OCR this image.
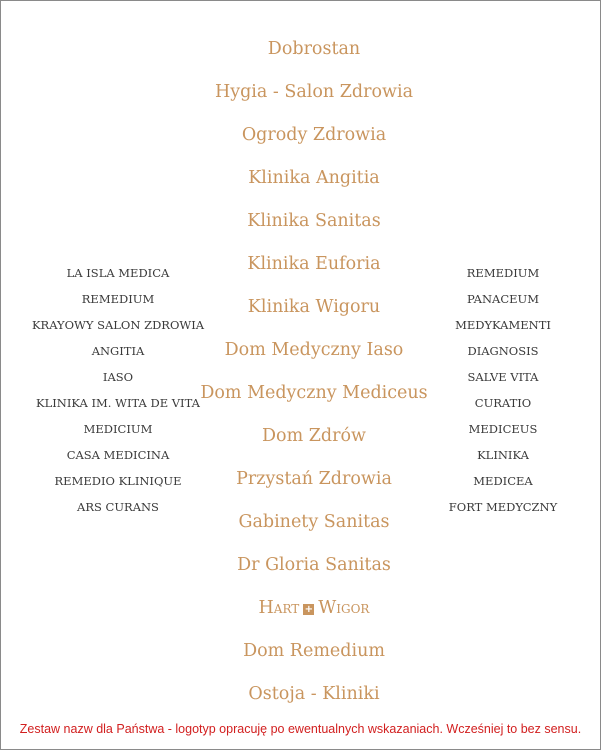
Dobrostan
Hygia - Salon Zdrowia
Ogrody Zdrowia
Klinika Angitia
Klinika Sanitas
Klinika Euforia
Klinika Wigoru
Dom Medyczny Iaso
Dom Medyczny Mediceus
Dom Zdrów
Przystań Zdrowia
Gabinety Sanitas
Dr Gloria Sanitas
Hart + Wigor
Dom Remedium
Ostoja - Kliniki
LA ISLA MEDICA
REMEDIUM
KRAYOWY SALON ZDROWIA
ANGITIA
IASO
KLINIKA IM. WITA DE VITA
MEDICIUM
CASA MEDICINA
REMEDIO KLINIQUE
ARS CURANS
REMEDIUM
PANACEUM
MEDYKAMENTI
DIAGNOSIS
SALVE VITA
CURATIO
MEDICEUS
KLINIKA
MEDICEA
FORT MEDYCZNY
Zestaw nazw dla Państwa - logotyp opracuję po ewentualnych wskazaniach. Wcześniej to bez sensu.
